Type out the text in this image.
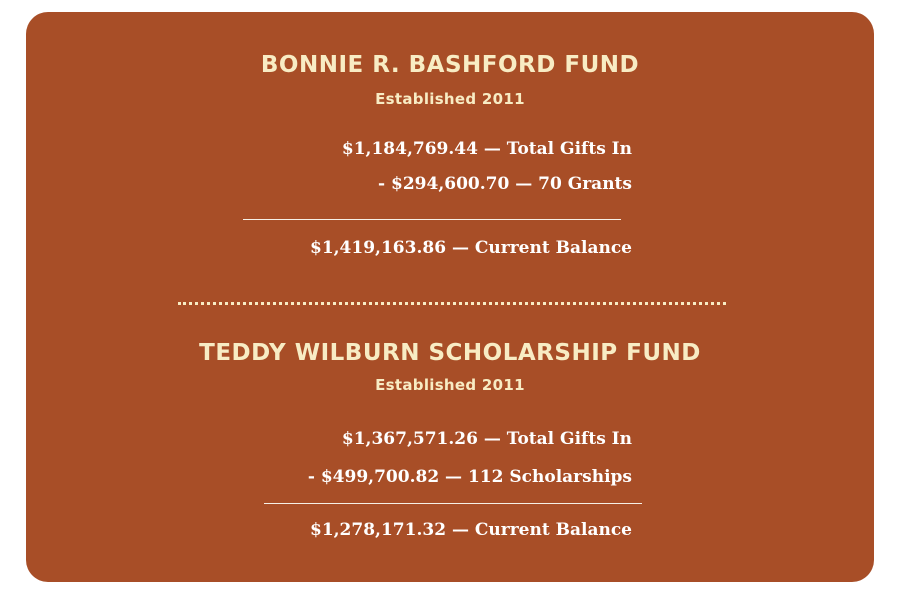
BONNIE R. BASHFORD FUND
Established 2011
$1,184,769.44 — Total Gifts In
- $294,600.70 — 70 Grants
$1,419,163.86 — Current Balance
TEDDY WILBURN SCHOLARSHIP FUND
Established 2011
$1,367,571.26 — Total Gifts In
- $499,700.82 — 112 Scholarships
$1,278,171.32 — Current Balance
